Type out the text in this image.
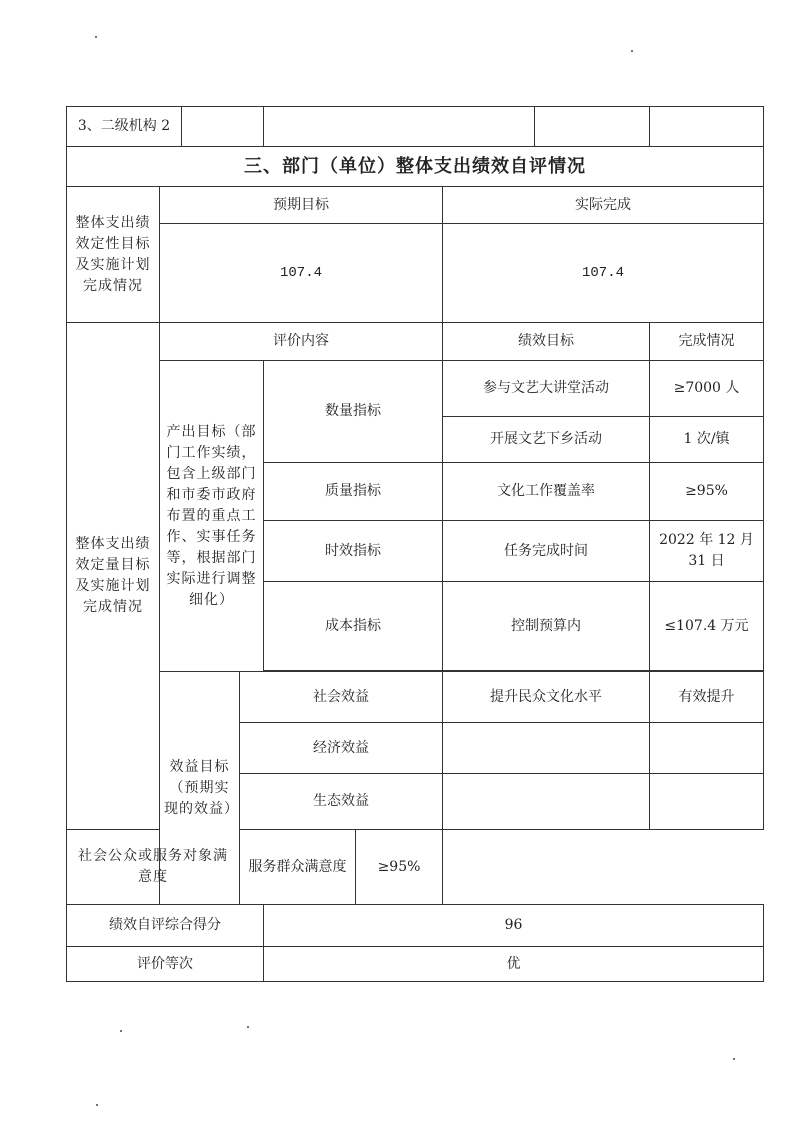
3、二级机构 2								
三、部门（单位）整体支出绩效自评情况								
整体支出绩效定性目标及实施计划完成情况	预期目标					实际完成		
	107.4					107.4		
整体支出绩效定量目标及实施计划完成情况	评价内容					绩效目标		完成情况
	产出目标（部门工作实绩，包含上级部门和市委市政府布置的重点工作、实事任务等，根据部门实际进行调整细化）			数量指标		参与文艺大讲堂活动		≥7000 人
						开展文艺下乡活动		1 次/镇
				质量指标		文化工作覆盖率		≥95%
				时效指标		任务完成时间		2022 年 12 月 31 日
				成本指标		控制预算内		≤107.4 万元

	效益目标（预期实现的效益）		社会效益			提升民众文化水平		有效提升
			经济效益					
			生态效益					
社会公众或服务对象满意度			服务群众满意度		≥95%			
绩效自评综合得分				96				
评价等次				优				
